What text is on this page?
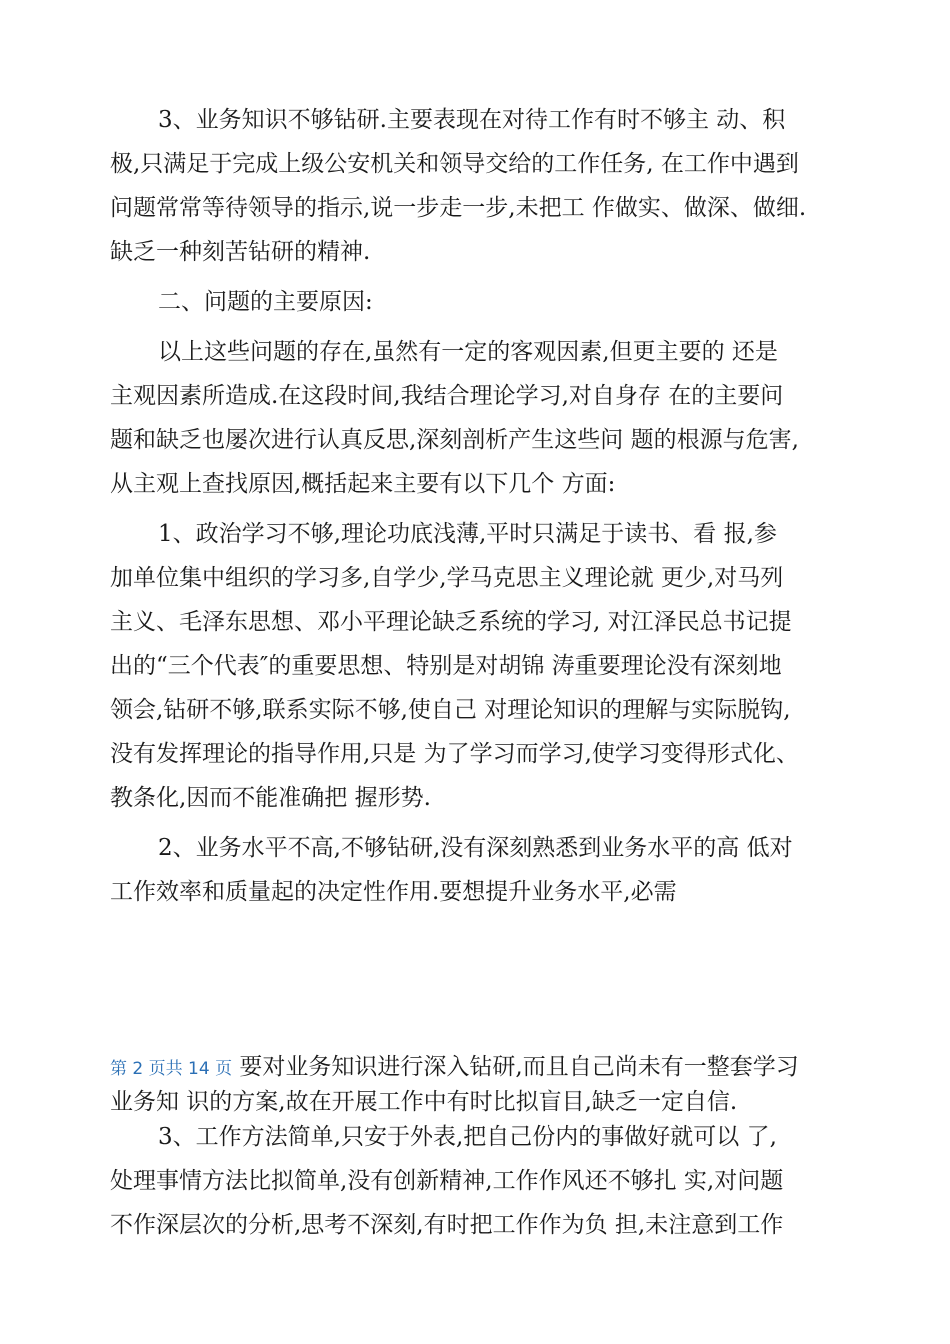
3、业务知识不够钻研.主要表现在对待工作有时不够主 动、积

极,只满足于完成上级公安机关和领导交给的工作任务, 在工作中遇到

问题常常等待领导的指示,说一步走一步,未把工 作做实、做深、做细.

缺乏一种刻苦钻研的精神.

二、问题的主要原因:

以上这些问题的存在,虽然有一定的客观因素,但更主要的 还是

主观因素所造成.在这段时间,我结合理论学习,对自身存 在的主要问

题和缺乏也屡次进行认真反思,深刻剖析产生这些问 题的根源与危害,

从主观上查找原因,概括起来主要有以下几个 方面:

1、政治学习不够,理论功底浅薄,平时只满足于读书、看 报,参

加单位集中组织的学习多,自学少,学马克思主义理论就 更少,对马列

主义、毛泽东思想、邓小平理论缺乏系统的学习, 对江泽民总书记提

出的“三个代表″的重要思想、特别是对胡锦 涛重要理论没有深刻地

领会,钻研不够,联系实际不够,使自己 对理论知识的理解与实际脱钩,

没有发挥理论的指导作用,只是 为了学习而学习,使学习变得形式化、

教条化,因而不能准确把 握形势.

2、业务水平不高,不够钻研,没有深刻熟悉到业务水平的高 低对

工作效率和质量起的决定性作用.要想提升业务水平,必需

第 2 页共 14 页 要对业务知识进行深入钻研,而且自己尚未有一整套学习

业务知 识的方案,故在开展工作中有时比拟盲目,缺乏一定自信.

3、工作方法简单,只安于外表,把自己份内的事做好就可以 了,

处理事情方法比拟简单,没有创新精神,工作作风还不够扎 实,对问题

不作深层次的分析,思考不深刻,有时把工作作为负 担,未注意到工作
